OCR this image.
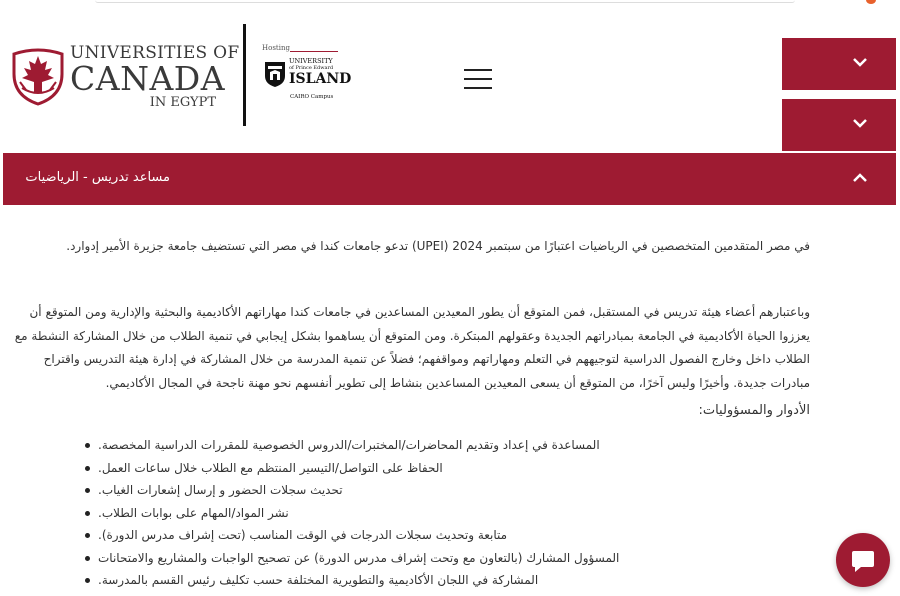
UNIVERSITIES OF
CANADA
IN EGYPT
Hosting
UNIVERSITY
of Prince Edward
ISLAND
CAIRO Campus
مساعد تدريس - الرياضيات
في مصر المتقدمين المتخصصين في الرياضيات اعتبارًا من سبتمبر 2024 (UPEI) تدعو جامعات كندا في مصر التي تستضيف جامعة جزيرة الأمير إدوارد.
وباعتبارهم أعضاء هيئة تدريس في المستقبل، فمن المتوقع أن يطور المعيدين المساعدين في جامعات كندا مهاراتهم الأكاديمية والبحثية والإدارية ومن المتوقع أن
يعززوا الحياة الأكاديمية في الجامعة بمبادراتهم الجديدة وعقولهم المبتكرة. ومن المتوقع أن يساهموا بشكل إيجابي في تنمية الطلاب من خلال المشاركة النشطة مع
الطلاب داخل وخارج الفصول الدراسية لتوجيههم في التعلم ومهاراتهم ومواقفهم؛ فضلاً عن تنمية المدرسة من خلال المشاركة في إدارة هيئة التدريس واقتراح
مبادرات جديدة. وأخيرًا وليس آخرًا، من المتوقع أن يسعى المعيدين المساعدين بنشاط إلى تطوير أنفسهم نحو مهنة ناجحة في المجال الأكاديمي.
الأدوار والمسؤوليات:
المساعدة في إعداد وتقديم المحاضرات/المختبرات/الدروس الخصوصية للمقررات الدراسية المخصصة.
الحفاظ على التواصل/التيسير المنتظم مع الطلاب خلال ساعات العمل.
تحديث سجلات الحضور و إرسال إشعارات الغياب.
نشر المواد/المهام على بوابات الطلاب.
متابعة وتحديث سجلات الدرجات في الوقت المناسب (تحت إشراف مدرس الدورة).
المسؤول المشارك (بالتعاون مع وتحت إشراف مدرس الدورة) عن تصحيح الواجبات والمشاريع والامتحانات
المشاركة في اللجان الأكاديمية والتطويرية المختلفة حسب تكليف رئيس القسم بالمدرسة.
